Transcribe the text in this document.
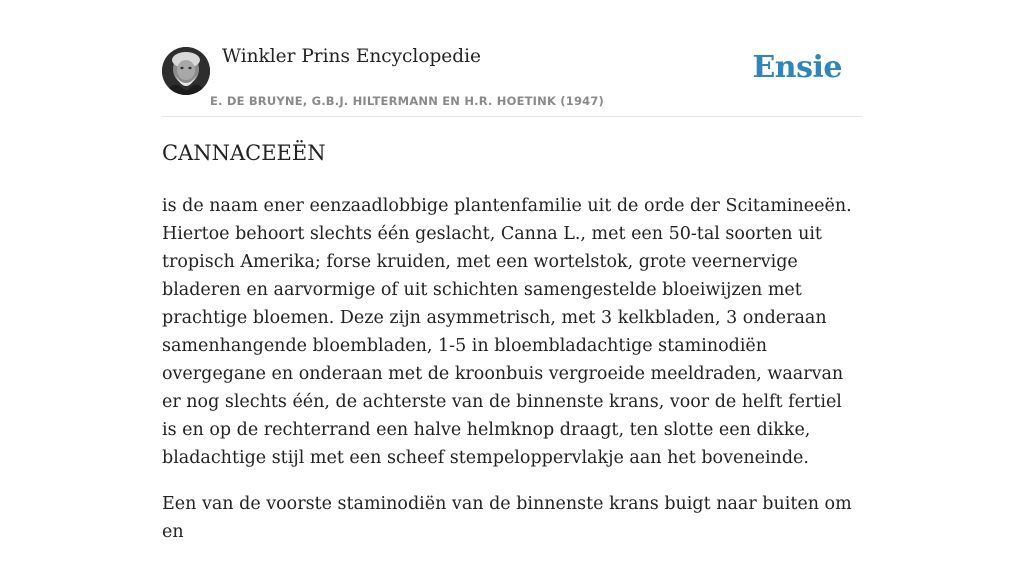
Winkler Prins Encyclopedie
E. DE BRUYNE, G.B.J. HILTERMANN EN H.R. HOETINK (1947)
Ensie
CANNACEEËN

is de naam ener eenzaadlobbige plantenfamilie uit de orde der Scitamineeën. Hiertoe behoort slechts één geslacht, Canna L., met een 50-tal soorten uit tropisch Amerika; forse kruiden, met een wortelstok, grote veernervige bladeren en aarvormige of uit schichten samengestelde bloeiwijzen met prachtige bloemen. Deze zijn asymmetrisch, met 3 kelkbladen, 3 onderaan samenhangende bloembladen, 1-5 in bloembladachtige staminodiën overgegane en onderaan met de kroonbuis vergroeide meeldraden, waarvan er nog slechts één, de achterste van de binnenste krans, voor de helft fertiel is en op de rechterrand een halve helmknop draagt, ten slotte een dikke, bladachtige stijl met een scheef stempeloppervlakje aan het boveneinde.

Een van de voorste staminodiën van de binnenste krans buigt naar buiten om en
